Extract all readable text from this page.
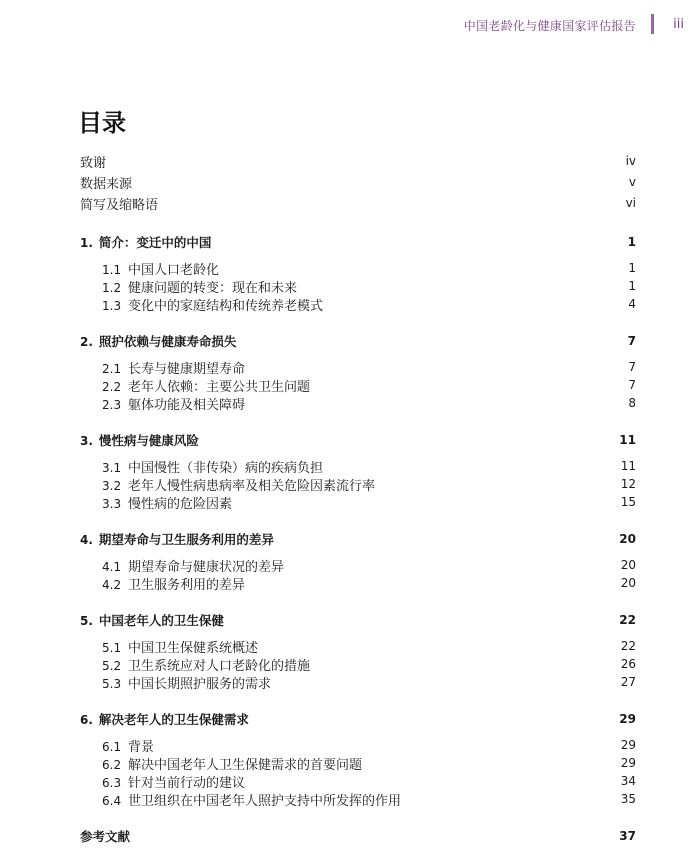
中国老龄化与健康国家评估报告	iii
目录
致谢	iv
数据来源	v
简写及缩略语	vi
1. 简介：变迁中的中国	1
1.1 中国人口老龄化	1
1.2 健康问题的转变：现在和未来	1
1.3 变化中的家庭结构和传统养老模式	4
2. 照护依赖与健康寿命损失	7
2.1 长寿与健康期望寿命	7
2.2 老年人依赖：主要公共卫生问题	7
2.3 躯体功能及相关障碍	8
3. 慢性病与健康风险	11
3.1 中国慢性（非传染）病的疾病负担	11
3.2 老年人慢性病患病率及相关危险因素流行率	12
3.3 慢性病的危险因素	15
4. 期望寿命与卫生服务利用的差异	20
4.1 期望寿命与健康状况的差异	20
4.2 卫生服务利用的差异	20
5. 中国老年人的卫生保健	22
5.1 中国卫生保健系统概述	22
5.2 卫生系统应对人口老龄化的措施	26
5.3 中国长期照护服务的需求	27
6. 解决老年人的卫生保健需求	29
6.1 背景	29
6.2 解决中国老年人卫生保健需求的首要问题	29
6.3 针对当前行动的建议	34
6.4 世卫组织在中国老年人照护支持中所发挥的作用	35
参考文献	37
